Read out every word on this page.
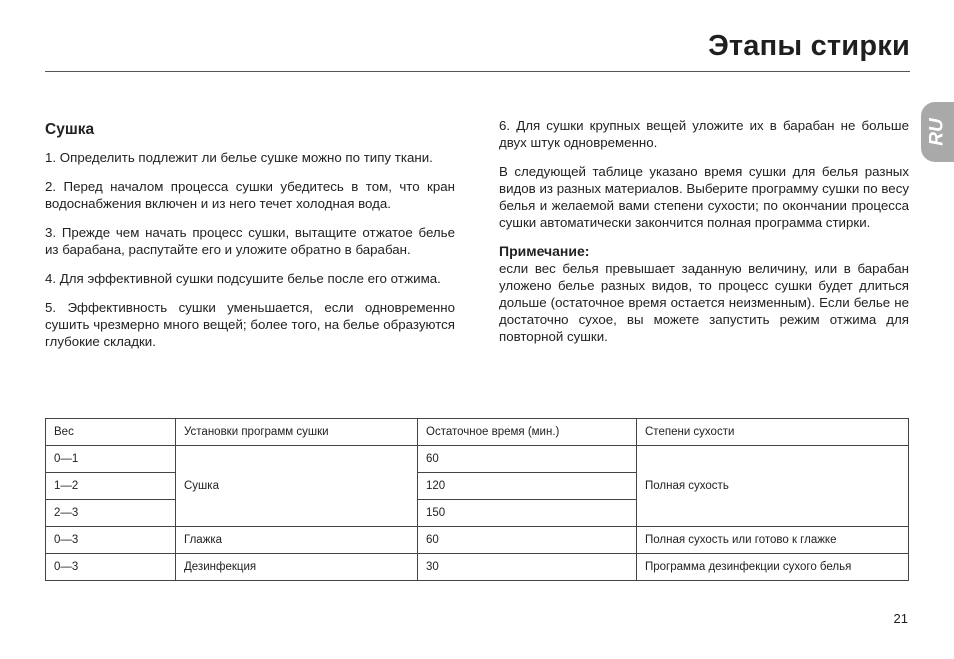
Этапы стирки
RU
Сушка

1. Определить подлежит ли белье сушке можно по типу ткани.

2. Перед началом процесса сушки убедитесь в том, что кран водоснабжения включен и из него течет холодная вода.

3. Прежде чем начать процесс сушки, вытащите отжатое белье из барабана, распутайте его и уложите обратно в барабан.

4. Для эффективной сушки подсушите белье после его отжима.

5. Эффективность сушки уменьшается, если одновременно сушить чрезмерно много вещей; более того, на белье образуются глубокие складки.

6. Для сушки крупных вещей уложите их в барабан не больше двух штук одновременно.

В следующей таблице указано время сушки для белья разных видов из разных материалов. Выберите программу сушки по весу белья и желаемой вами степени сухости; по окончании процесса сушки автоматически закончится полная программа стирки.

Примечание:

если вес белья превышает заданную величину, или в барабан уложено белье разных видов, то процесс сушки будет длиться дольше (остаточное время остается неизменным). Если белье не достаточно сухое, вы можете запустить режим отжима для повторной сушки.

Вес	Установки программ сушки	Остаточное время (мин.)	Степени сухости
0—1	Сушка	60	Полная сухость
1—2		120	
2—3		150	
0—3	Глажка	60	Полная сухость или готово к глажке
0—3	Дезинфекция	30	Программа дезинфекции сухого белья
21
